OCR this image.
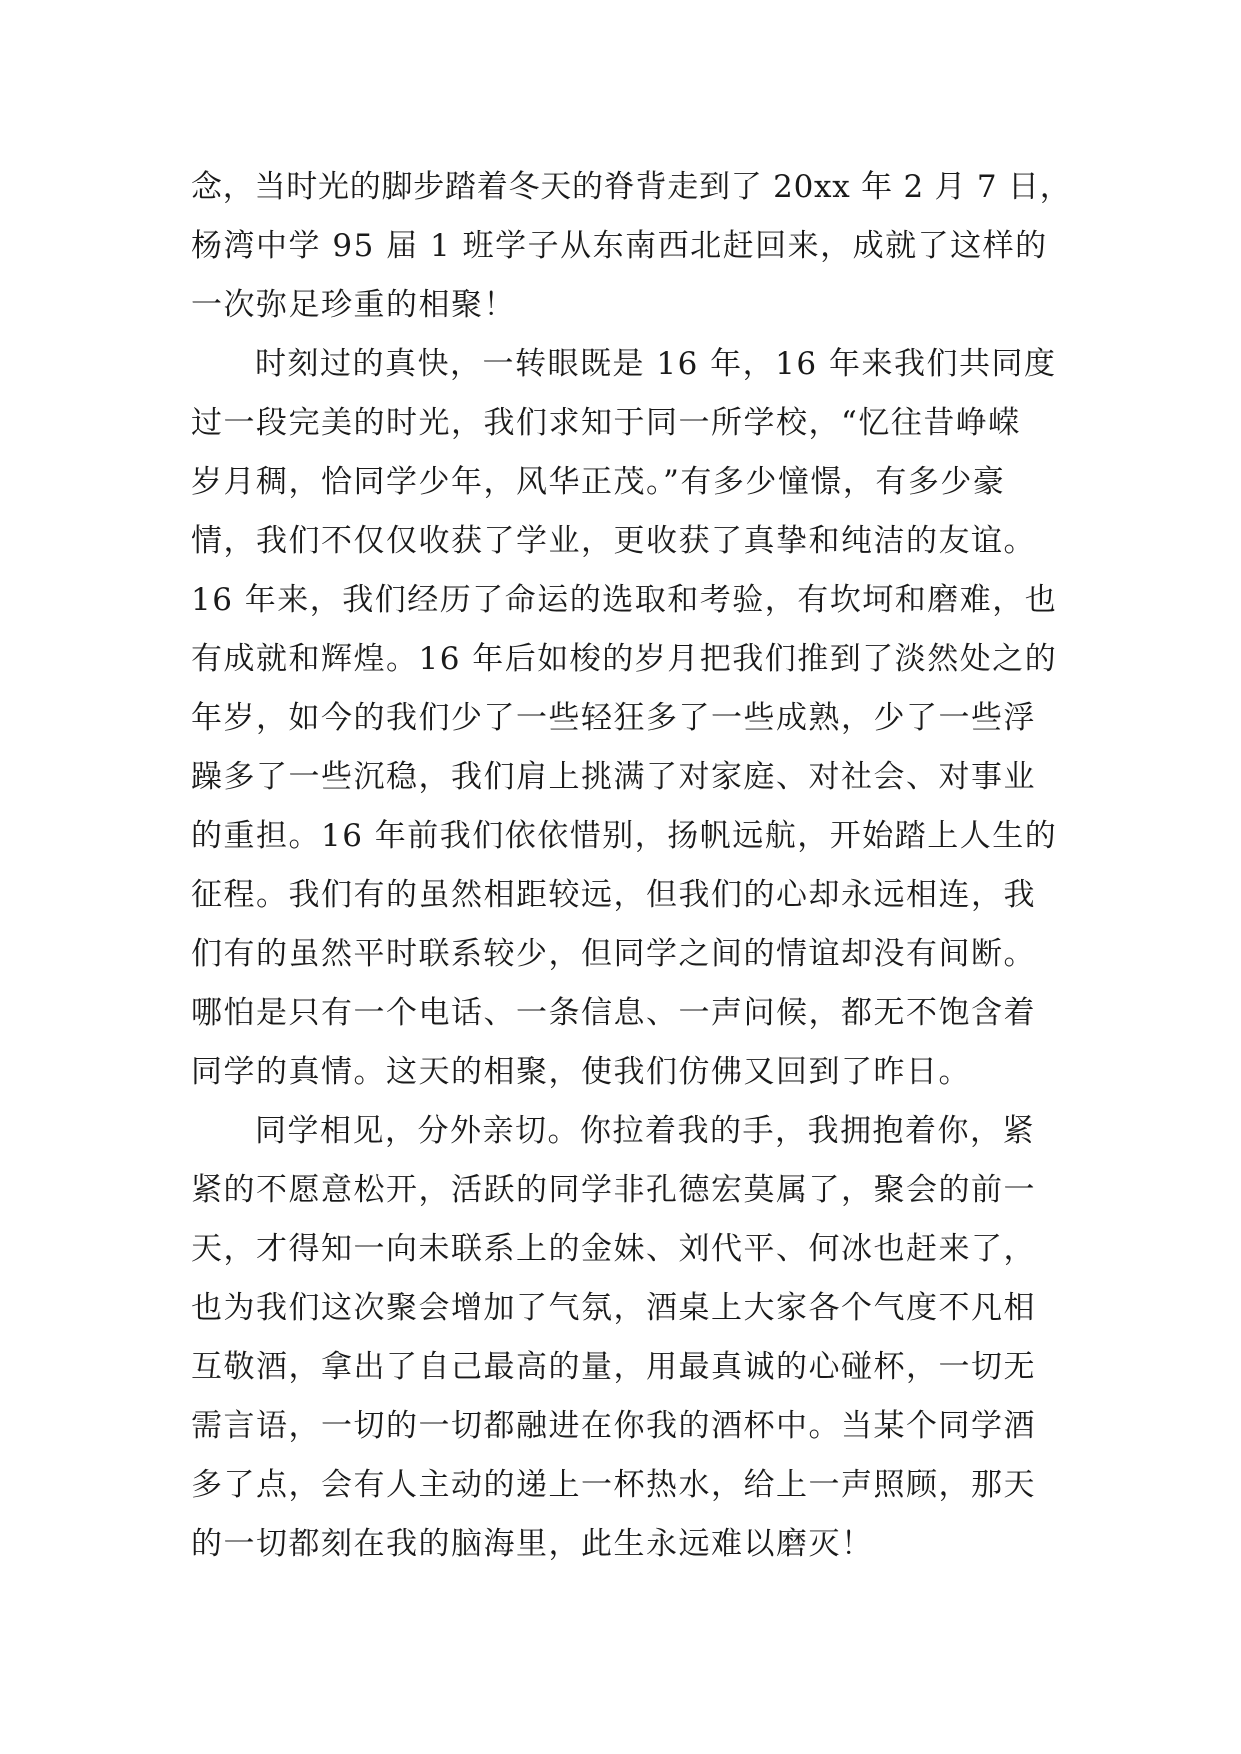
念，当时光的脚步踏着冬天的脊背走到了 20xx 年 2 月 7 日，
杨湾中学 95 届 1 班学子从东南西北赶回来，成就了这样的
一次弥足珍重的相聚！
时刻过的真快，一转眼既是 16 年，16 年来我们共同度
过一段完美的时光，我们求知于同一所学校，“忆往昔峥嵘
岁月稠，恰同学少年，风华正茂。”有多少憧憬，有多少豪
情，我们不仅仅收获了学业，更收获了真挚和纯洁的友谊。
16 年来，我们经历了命运的选取和考验，有坎坷和磨难，也
有成就和辉煌。16 年后如梭的岁月把我们推到了淡然处之的
年岁，如今的我们少了一些轻狂多了一些成熟，少了一些浮
躁多了一些沉稳，我们肩上挑满了对家庭、对社会、对事业
的重担。16 年前我们依依惜别，扬帆远航，开始踏上人生的
征程。我们有的虽然相距较远，但我们的心却永远相连，我
们有的虽然平时联系较少，但同学之间的情谊却没有间断。
哪怕是只有一个电话、一条信息、一声问候，都无不饱含着
同学的真情。这天的相聚，使我们仿佛又回到了昨日。
同学相见，分外亲切。你拉着我的手，我拥抱着你，紧
紧的不愿意松开，活跃的同学非孔德宏莫属了，聚会的前一
天，才得知一向未联系上的金妹、刘代平、何冰也赶来了，
也为我们这次聚会增加了气氛，酒桌上大家各个气度不凡相
互敬酒，拿出了自己最高的量，用最真诚的心碰杯，一切无
需言语，一切的一切都融进在你我的酒杯中。当某个同学酒
多了点，会有人主动的递上一杯热水，给上一声照顾，那天
的一切都刻在我的脑海里，此生永远难以磨灭！
